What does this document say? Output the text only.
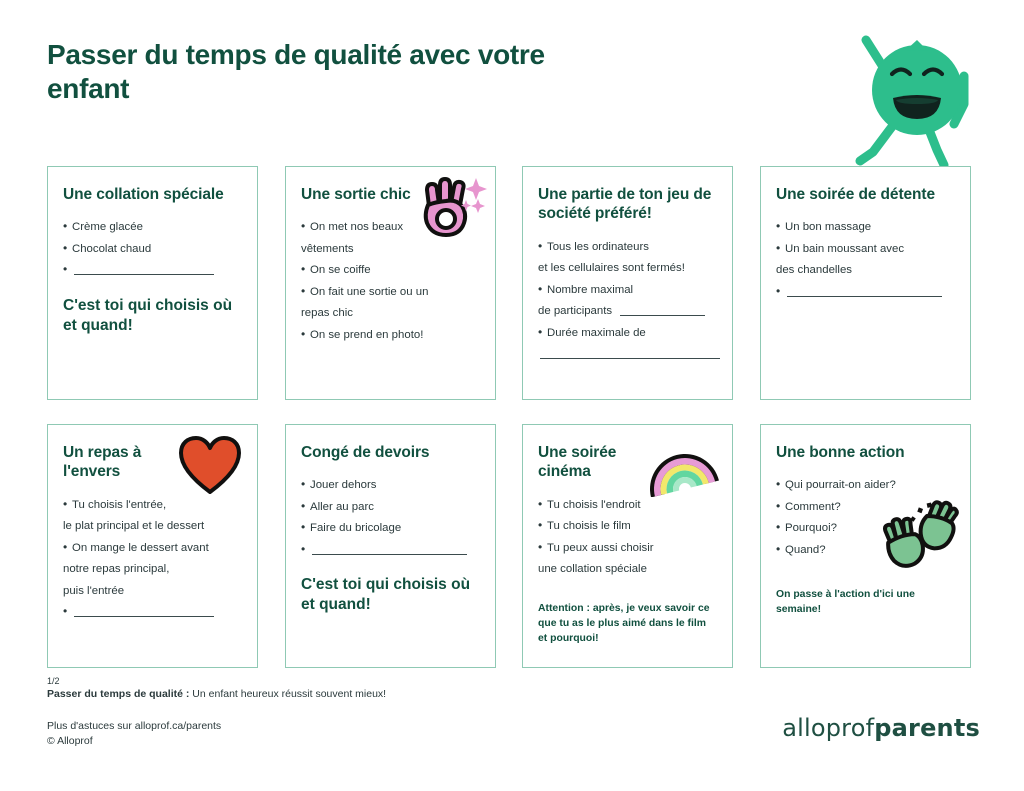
Passer du temps de qualité avec votre enfant
Une collation spéciale
• Crème glacée
• Chocolat chaud
•
C'est toi qui choisis où et quand!
Une sortie chic
• On met nos beaux
vêtements
• On se coiffe
• On fait une sortie ou un
repas chic
• On se prend en photo!
Une partie de ton jeu de société préféré!
• Tous les ordinateurs
et les cellulaires sont fermés!
• Nombre maximal
de participants
• Durée maximale de
Une soirée de détente
• Un bon massage
• Un bain moussant avec
des chandelles
•
Un repas à l'envers
• Tu choisis l'entrée,
le plat principal et le dessert
• On mange le dessert avant
notre repas principal,
puis l'entrée
•
Congé de devoirs
• Jouer dehors
• Aller au parc
• Faire du bricolage
•
C'est toi qui choisis où et quand!
Une soirée cinéma
• Tu choisis l'endroit
• Tu choisis le film
• Tu peux aussi choisir
une collation spéciale
Attention : après, je veux savoir ce que tu as le plus aimé dans le film et pourquoi!
Une bonne action
• Qui pourrait-on aider?
• Comment?
• Pourquoi?
• Quand?
On passe à l'action d'ici une semaine!
1/2
Passer du temps de qualité : Un enfant heureux réussit souvent mieux!
Plus d'astuces sur alloprof.ca/parents
© Alloprof	alloprofparents
